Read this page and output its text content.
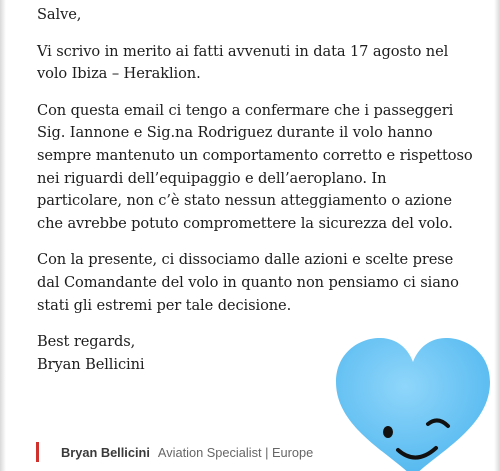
Salve,

Vi scrivo in merito ai fatti avvenuti in data 17 agosto nel
volo Ibiza – Heraklion.

Con questa email ci tengo a confermare che i passeggeri
Sig. Iannone e Sig.na Rodriguez durante il volo hanno
sempre mantenuto un comportamento corretto e rispettoso
nei riguardi dell’equipaggio e dell’aeroplano. In
particolare, non c’è stato nessun atteggiamento o azione
che avrebbe potuto compromettere la sicurezza del volo.

Con la presente, ci dissociamo dalle azioni e scelte prese
dal Comandante del volo in quanto non pensiamo ci siano
stati gli estremi per tale decisione.

Best regards,
Bryan Bellicini

Bryan Bellicini Aviation Specialist | Europe
